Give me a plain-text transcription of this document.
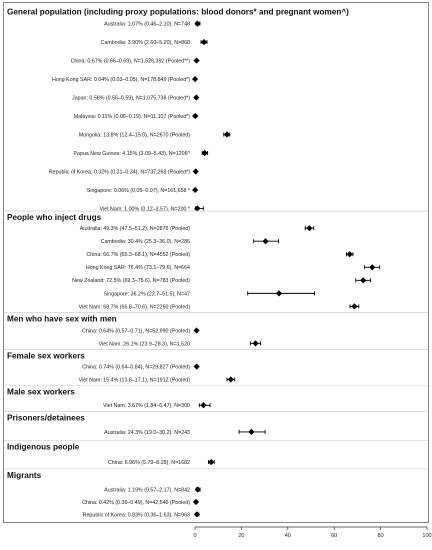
General population (including proxy populations: blood donors* and pregnant women^)
Australia: 1.07% (0.46–2.10), N=748
Cambodia: 3.90% (2.60–5.20), N=868
China: 0.67% (0.66–0.69), N=1,526,392 (Pooled**)
Hong Kong SAR: 0.04% (0.03–0.05), N=178,849 (Pooled*)
Japan: 0.58% (0.56–0.59), N=1,075,738 (Pooled*)
Malaysia: 0.11% (0.06–0.19), N=11,107 (Pooled*)
Mongolia: 13.8% (12.4–15.0), N=2670 (Pooled)
Papua New Guinea: 4.15% (3.09–5.43), N=1206^
Republic of Korea: 0.32% (0.31–0.34), N=737,268 (Pooled*)
Singapore: 0.06% (0.05–0.07), N=161,658 *
Viet Nam: 1.00% (0.12–3.57), N=200 *
People who inject drugs
Australia: 49.3% (47.5–51.2), N=2876 (Pooled)
Cambodia: 30.4% (25.3–36.0), N=286
China: 66.7% (65.3–68.1), N=4552 (Pooled)
Hong Kong SAR: 76.4% (73.1–79.6), N=664
New Zealand: 72.5% (69.3–75.6), N=783 (Pooled)
Singapore: 36.2% (22.7–51.5), N=47
Viet Nam: 68.7% (66.8–70.6), N=2260 (Pooled)
Men who have sex with men
China: 0.64% (0.57–0.71), N=52,990 (Pooled)
Viet Nam: 26.1% (23.9–28.3), N=1,520
Female sex workers
China: 0.74% (0.64–0.84), N=29,827 (Pooled)
Viet Nam: 15.4% (13.8–17.1), N=1912 (Pooled)
Male sex workers
Viet Nam: 3.67% (1.84–6.47), N=300
Prisoners/detainees
Australia: 24.3% (19.0–30.2), N=243
Indigenous people
China: 6.96% (5.79–8.28), N=1682
Migrants
Australia: 1.19% (0.57–2.17), N=842
China: 0.42% (0.36–0.49), N=42,546 (Pooled)
Republic of Korea: 0.83% (0.36–1.63), N=963
0	20	40	60	80	100
